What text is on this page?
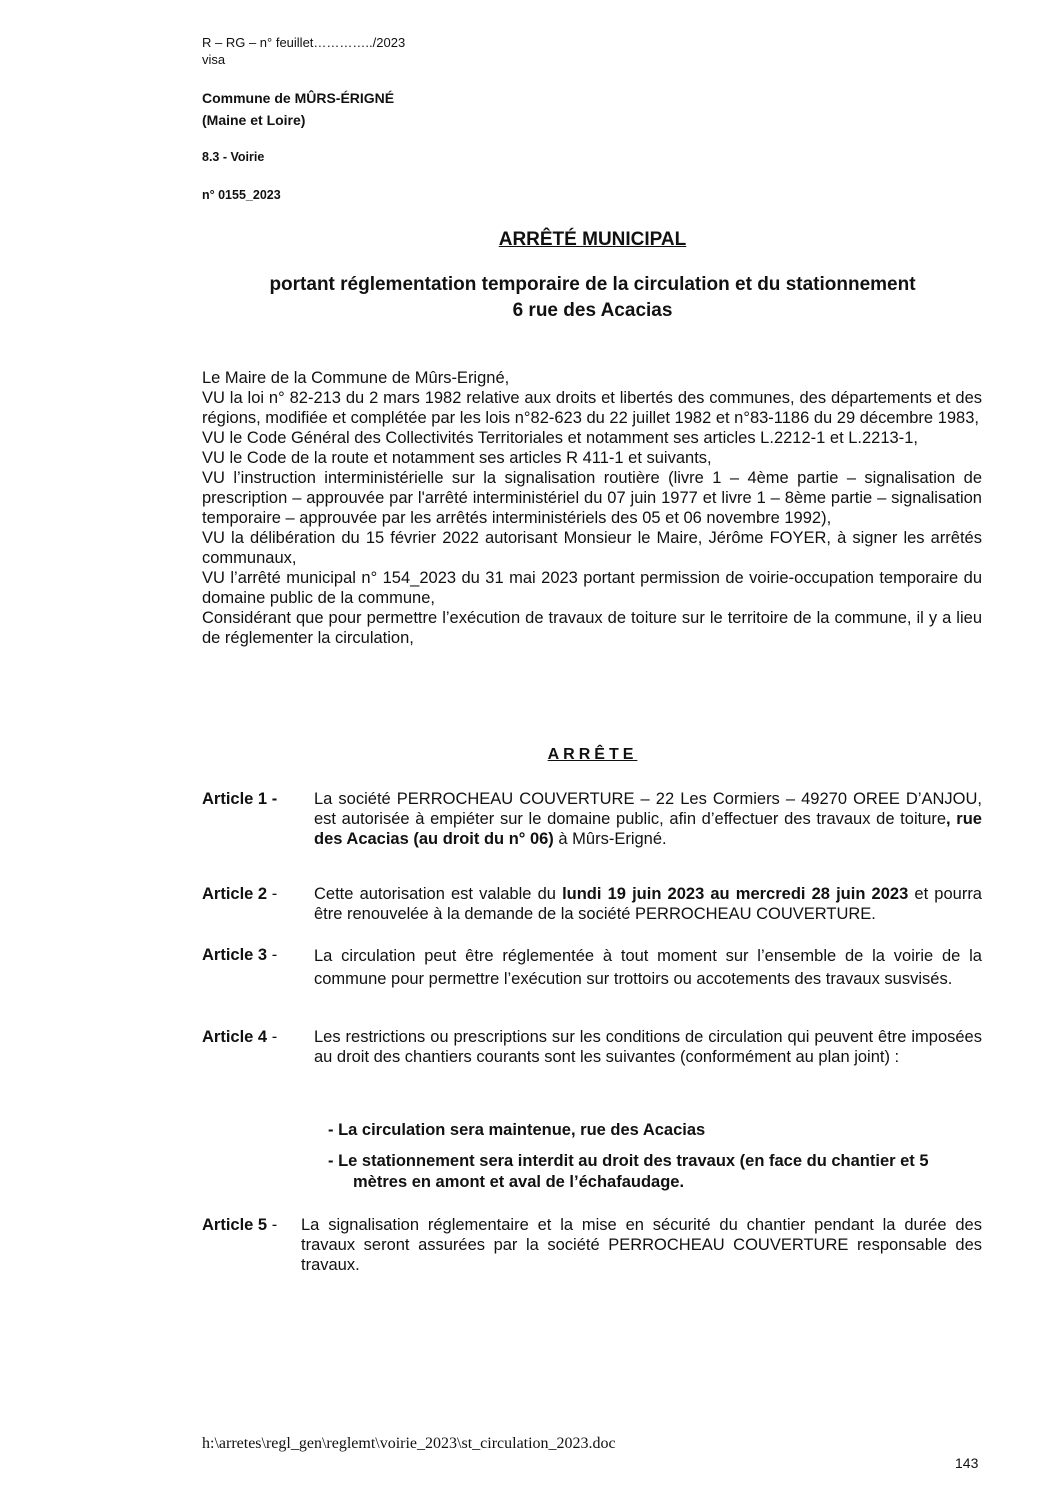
R – RG – n° feuillet…………../2023
visa
Commune de MÛRS-ÉRIGNÉ
(Maine et Loire)
8.3 - Voirie
n° 0155_2023
ARRÊTÉ MUNICIPAL
portant réglementation temporaire de la circulation et du stationnement
6 rue des Acacias

Le Maire de la Commune de Mûrs-Erigné,

VU la loi n° 82-213 du 2 mars 1982 relative aux droits et libertés des communes, des départements et des régions, modifiée et complétée par les lois n°82-623 du 22 juillet 1982 et n°83-1186 du 29 décembre 1983,

VU le Code Général des Collectivités Territoriales et notamment ses articles L.2212-1 et L.2213-1,

VU le Code de la route et notamment ses articles R 411-1 et suivants,

VU l’instruction interministérielle sur la signalisation routière (livre 1 – 4ème partie – signalisation de prescription – approuvée par l'arrêté interministériel du 07 juin 1977 et livre 1 – 8ème partie – signalisation temporaire – approuvée par les arrêtés interministériels des 05 et 06 novembre 1992),

VU la délibération du 15 février 2022 autorisant Monsieur le Maire, Jérôme FOYER, à signer les arrêtés communaux,

VU l’arrêté municipal n° 154_2023 du 31 mai 2023 portant permission de voirie-occupation temporaire du domaine public de la commune,

Considérant que pour permettre l’exécution de travaux de toiture sur le territoire de la commune, il y a lieu de réglementer la circulation,

ARRÊTE
Article 1 - La société PERROCHEAU COUVERTURE – 22 Les Cormiers – 49270 OREE D’ANJOU, est autorisée à empiéter sur le domaine public, afin d’effectuer des travaux de toiture, rue des Acacias (au droit du n° 06) à Mûrs-Erigné.
Article 2 - Cette autorisation est valable du lundi 19 juin 2023 au mercredi 28 juin 2023 et pourra être renouvelée à la demande de la société PERROCHEAU COUVERTURE.
Article 3 - La circulation peut être réglementée à tout moment sur l’ensemble de la voirie de la commune pour permettre l’exécution sur trottoirs ou accotements des travaux susvisés.
Article 4 - Les restrictions ou prescriptions sur les conditions de circulation qui peuvent être imposées au droit des chantiers courants sont les suivantes (conformément au plan joint) :
- La circulation sera maintenue, rue des Acacias
- Le stationnement sera interdit au droit des travaux (en face du chantier et 5
mètres en amont et aval de l’échafaudage.
Article 5 - La signalisation réglementaire et la mise en sécurité du chantier pendant la durée des travaux seront assurées par la société PERROCHEAU COUVERTURE responsable des travaux.
h:\arretes\regl_gen\reglemt\voirie_2023\st_circulation_2023.doc
143
